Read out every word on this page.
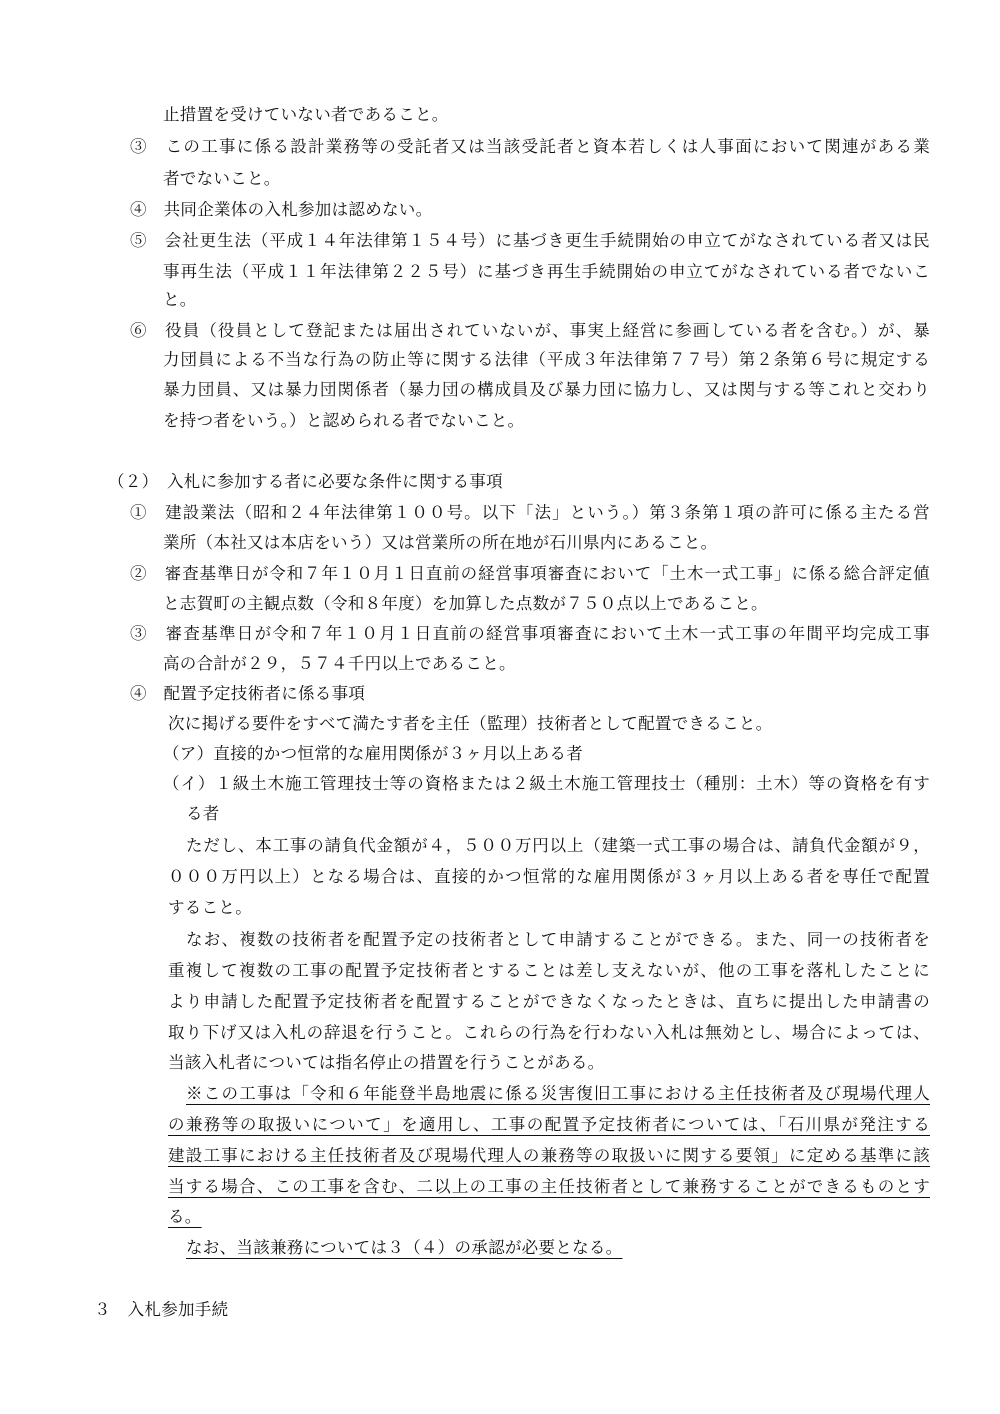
止措置を受けていない者であること。
③　この工事に係る設計業務等の受託者又は当該受託者と資本若しくは人事面において関連がある業
者でないこと。
④　共同企業体の入札参加は認めない。
⑤　会社更生法（平成１４年法律第１５４号）に基づき更生手続開始の申立てがなされている者又は民
事再生法（平成１１年法律第２２５号）に基づき再生手続開始の申立てがなされている者でないこ
と。
⑥　役員（役員として登記または届出されていないが、事実上経営に参画している者を含む。）が、暴
力団員による不当な行為の防止等に関する法律（平成３年法律第７７号）第２条第６号に規定する
暴力団員、又は暴力団関係者（暴力団の構成員及び暴力団に協力し、又は関与する等これと交わり
を持つ者をいう。）と認められる者でないこと。
（２）　入札に参加する者に必要な条件に関する事項
①　建設業法（昭和２４年法律第１００号。以下「法」という。）第３条第１項の許可に係る主たる営
業所（本社又は本店をいう）又は営業所の所在地が石川県内にあること。
②　審査基準日が令和７年１０月１日直前の経営事項審査において「土木一式工事」に係る総合評定値
と志賀町の主観点数（令和８年度）を加算した点数が７５０点以上であること。
③　審査基準日が令和７年１０月１日直前の経営事項審査において土木一式工事の年間平均完成工事
高の合計が２９，５７４千円以上であること。
④　配置予定技術者に係る事項
次に掲げる要件をすべて満たす者を主任（監理）技術者として配置できること。
（ア）直接的かつ恒常的な雇用関係が３ヶ月以上ある者
（イ）１級土木施工管理技士等の資格または２級土木施工管理技士（種別：土木）等の資格を有す
る者
ただし、本工事の請負代金額が４，５００万円以上（建築一式工事の場合は、請負代金額が９，
０００万円以上）となる場合は、直接的かつ恒常的な雇用関係が３ヶ月以上ある者を専任で配置
すること。
なお、複数の技術者を配置予定の技術者として申請することができる。また、同一の技術者を
重複して複数の工事の配置予定技術者とすることは差し支えないが、他の工事を落札したことに
より申請した配置予定技術者を配置することができなくなったときは、直ちに提出した申請書の
取り下げ又は入札の辞退を行うこと。これらの行為を行わない入札は無効とし、場合によっては、
当該入札者については指名停止の措置を行うことがある。
※この工事は「令和６年能登半島地震に係る災害復旧工事における主任技術者及び現場代理人
の兼務等の取扱いについて」を適用し、工事の配置予定技術者については、「石川県が発注する
建設工事における主任技術者及び現場代理人の兼務等の取扱いに関する要領」に定める基準に該
当する場合、この工事を含む、二以上の工事の主任技術者として兼務することができるものとす
る。
なお、当該兼務については３（４）の承認が必要となる。
３　入札参加手続
